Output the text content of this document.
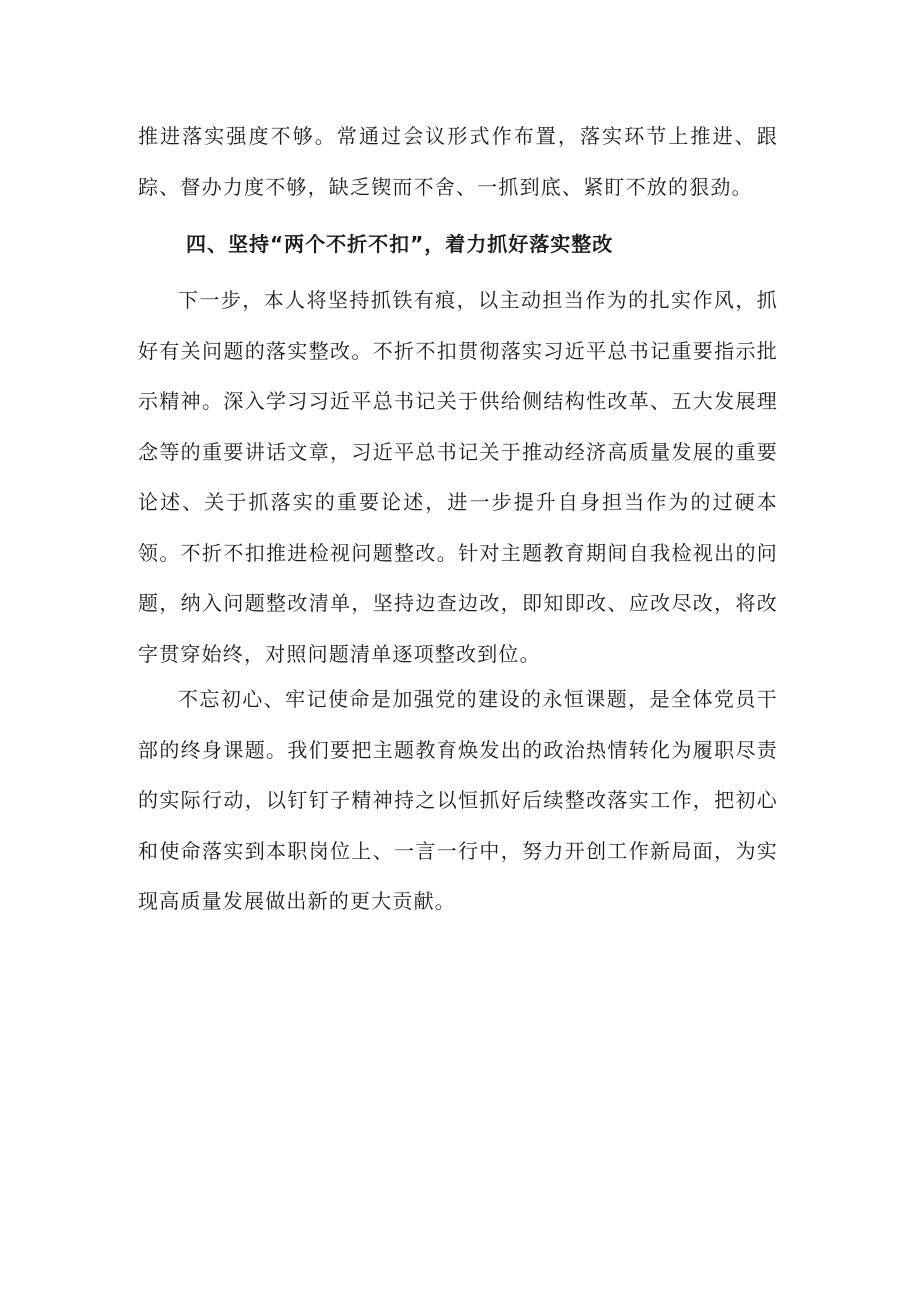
推进落实强度不够。常通过会议形式作布置，落实环节上推进、跟踪、督办力度不够，缺乏锲而不舍、一抓到底、紧盯不放的狠劲。

四、坚持“两个不折不扣”，着力抓好落实整改

下一步，本人将坚持抓铁有痕，以主动担当作为的扎实作风，抓好有关问题的落实整改。不折不扣贯彻落实习近平总书记重要指示批示精神。深入学习习近平总书记关于供给侧结构性改革、五大发展理念等的重要讲话文章，习近平总书记关于推动经济高质量发展的重要论述、关于抓落实的重要论述，进一步提升自身担当作为的过硬本领。不折不扣推进检视问题整改。针对主题教育期间自我检视出的问题，纳入问题整改清单，坚持边查边改，即知即改、应改尽改，将改字贯穿始终，对照问题清单逐项整改到位。

不忘初心、牢记使命是加强党的建设的永恒课题，是全体党员干部的终身课题。我们要把主题教育焕发出的政治热情转化为履职尽责的实际行动，以钉钉子精神持之以恒抓好后续整改落实工作，把初心和使命落实到本职岗位上、一言一行中，努力开创工作新局面，为实现高质量发展做出新的更大贡献。
